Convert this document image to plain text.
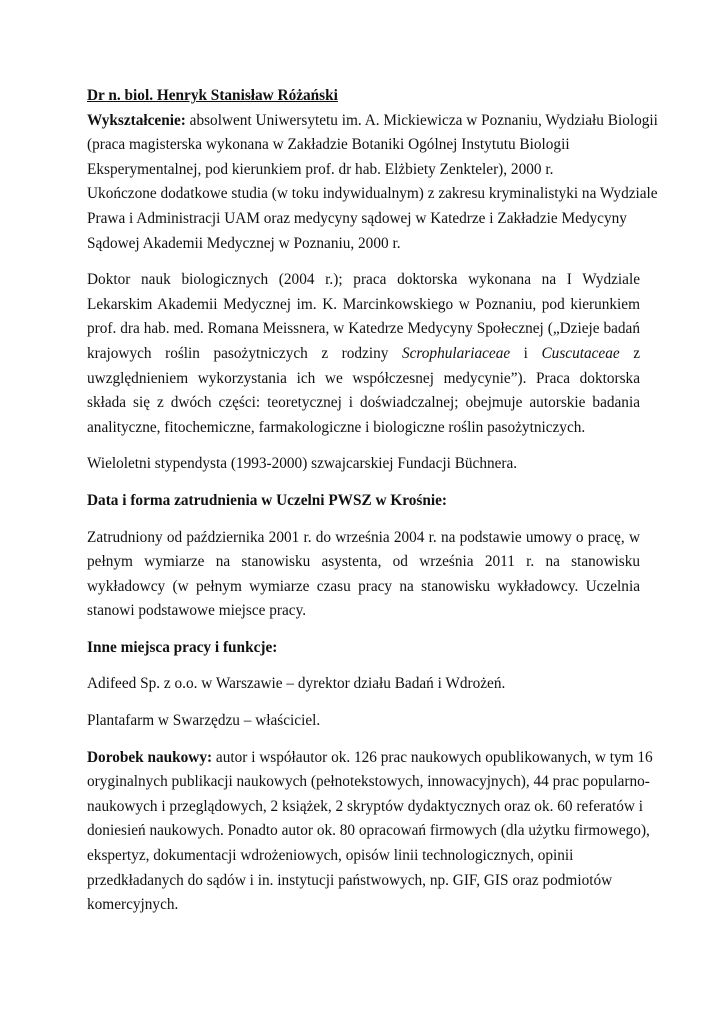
Dr n. biol. Henryk Stanisław Różański

Wykształcenie: absolwent Uniwersytetu im. A. Mickiewicza w Poznaniu, Wydziału Biologii
(praca magisterska wykonana w Zakładzie Botaniki Ogólnej Instytutu Biologii
Eksperymentalnej, pod kierunkiem prof. dr hab. Elżbiety Zenkteler), 2000 r.
Ukończone dodatkowe studia (w toku indywidualnym) z zakresu kryminalistyki na Wydziale
Prawa i Administracji UAM oraz medycyny sądowej w Katedrze i Zakładzie Medycyny
Sądowej Akademii Medycznej w Poznaniu, 2000 r.

Doktor nauk biologicznych (2004 r.); praca doktorska wykonana na I Wydziale Lekarskim Akademii Medycznej im. K. Marcinkowskiego w Poznaniu, pod kierunkiem prof. dra hab. med. Romana Meissnera, w Katedrze Medycyny Społecznej („Dzieje badań krajowych roślin pasożytniczych z rodziny Scrophulariaceae i Cuscutaceae z uwzględnieniem wykorzystania ich we współczesnej medycynie”). Praca doktorska składa się z dwóch części: teoretycznej i doświadczalnej; obejmuje autorskie badania analityczne, fitochemiczne, farmakologiczne i biologiczne roślin pasożytniczych.

Wieloletni stypendysta (1993-2000) szwajcarskiej Fundacji Büchnera.

Data i forma zatrudnienia w Uczelni PWSZ w Krośnie:

Zatrudniony od października 2001 r. do września 2004 r. na podstawie umowy o pracę, w pełnym wymiarze na stanowisku asystenta, od września 2011 r. na stanowisku wykładowcy (w pełnym wymiarze czasu pracy na stanowisku wykładowcy. Uczelnia stanowi podstawowe miejsce pracy.

Inne miejsca pracy i funkcje:

Adifeed Sp. z o.o. w Warszawie – dyrektor działu Badań i Wdrożeń.

Plantafarm w Swarzędzu – właściciel.

Dorobek naukowy: autor i współautor ok. 126 prac naukowych opublikowanych, w tym 16
oryginalnych publikacji naukowych (pełnotekstowych, innowacyjnych), 44 prac popularno-
naukowych i przeglądowych, 2 książek, 2 skryptów dydaktycznych oraz ok. 60 referatów i
doniesień naukowych. Ponadto autor ok. 80 opracowań firmowych (dla użytku firmowego),
ekspertyz, dokumentacji wdrożeniowych, opisów linii technologicznych, opinii
przedkładanych do sądów i in. instytucji państwowych, np. GIF, GIS oraz podmiotów
komercyjnych.
